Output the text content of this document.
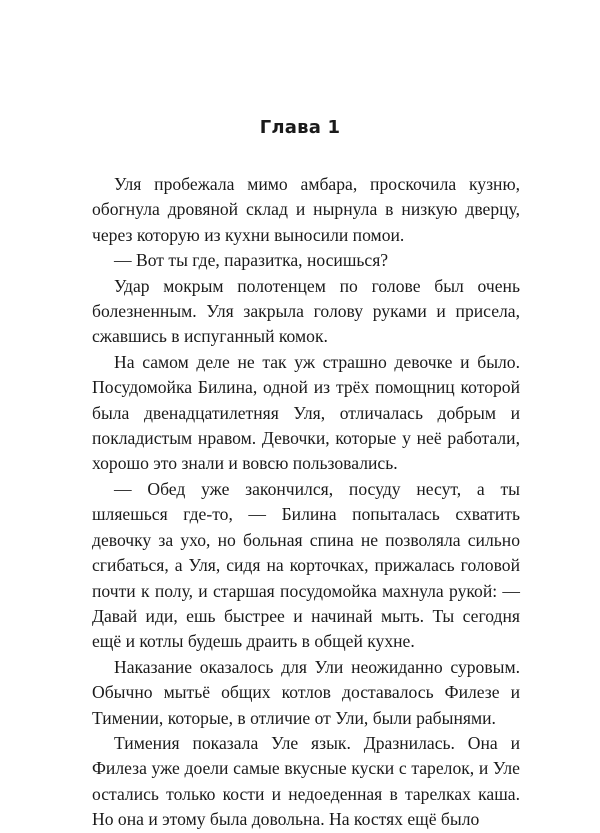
Глава 1

Уля пробежала мимо амбара, проскочила кузню, обогнула дровяной склад и нырнула в низкую дверцу, через которую из кухни выносили помои.

— Вот ты где, паразитка, носишься?

Удар мокрым полотенцем по голове был очень болезненным. Уля закрыла голову руками и присела, сжавшись в испуганный комок.

На самом деле не так уж страшно девочке и было. Посудомойка Билина, одной из трёх помощниц которой была двенадцатилетняя Уля, отличалась добрым и покладистым нравом. Девочки, которые у неё работали, хорошо это знали и вовсю пользовались.

— Обед уже закончился, посуду несут, а ты шляешься где-то, — Билина попыталась схватить девочку за ухо, но больная спина не позволяла сильно сгибаться, а Уля, сидя на корточках, прижалась головой почти к полу, и старшая посудомойка махнула рукой: — Давай иди, ешь быстрее и начинай мыть. Ты сегодня ещё и котлы будешь драить в общей кухне.

Наказание оказалось для Ули неожиданно суровым. Обычно мытьё общих котлов доставалось Филезе и Тимении, которые, в отличие от Ули, были рабынями.

Тимения показала Уле язык. Дразнилась. Она и Филеза уже доели самые вкусные куски с тарелок, и Уле остались только кости и недоеденная в тарелках каша. Но она и этому была довольна. На костях ещё было
